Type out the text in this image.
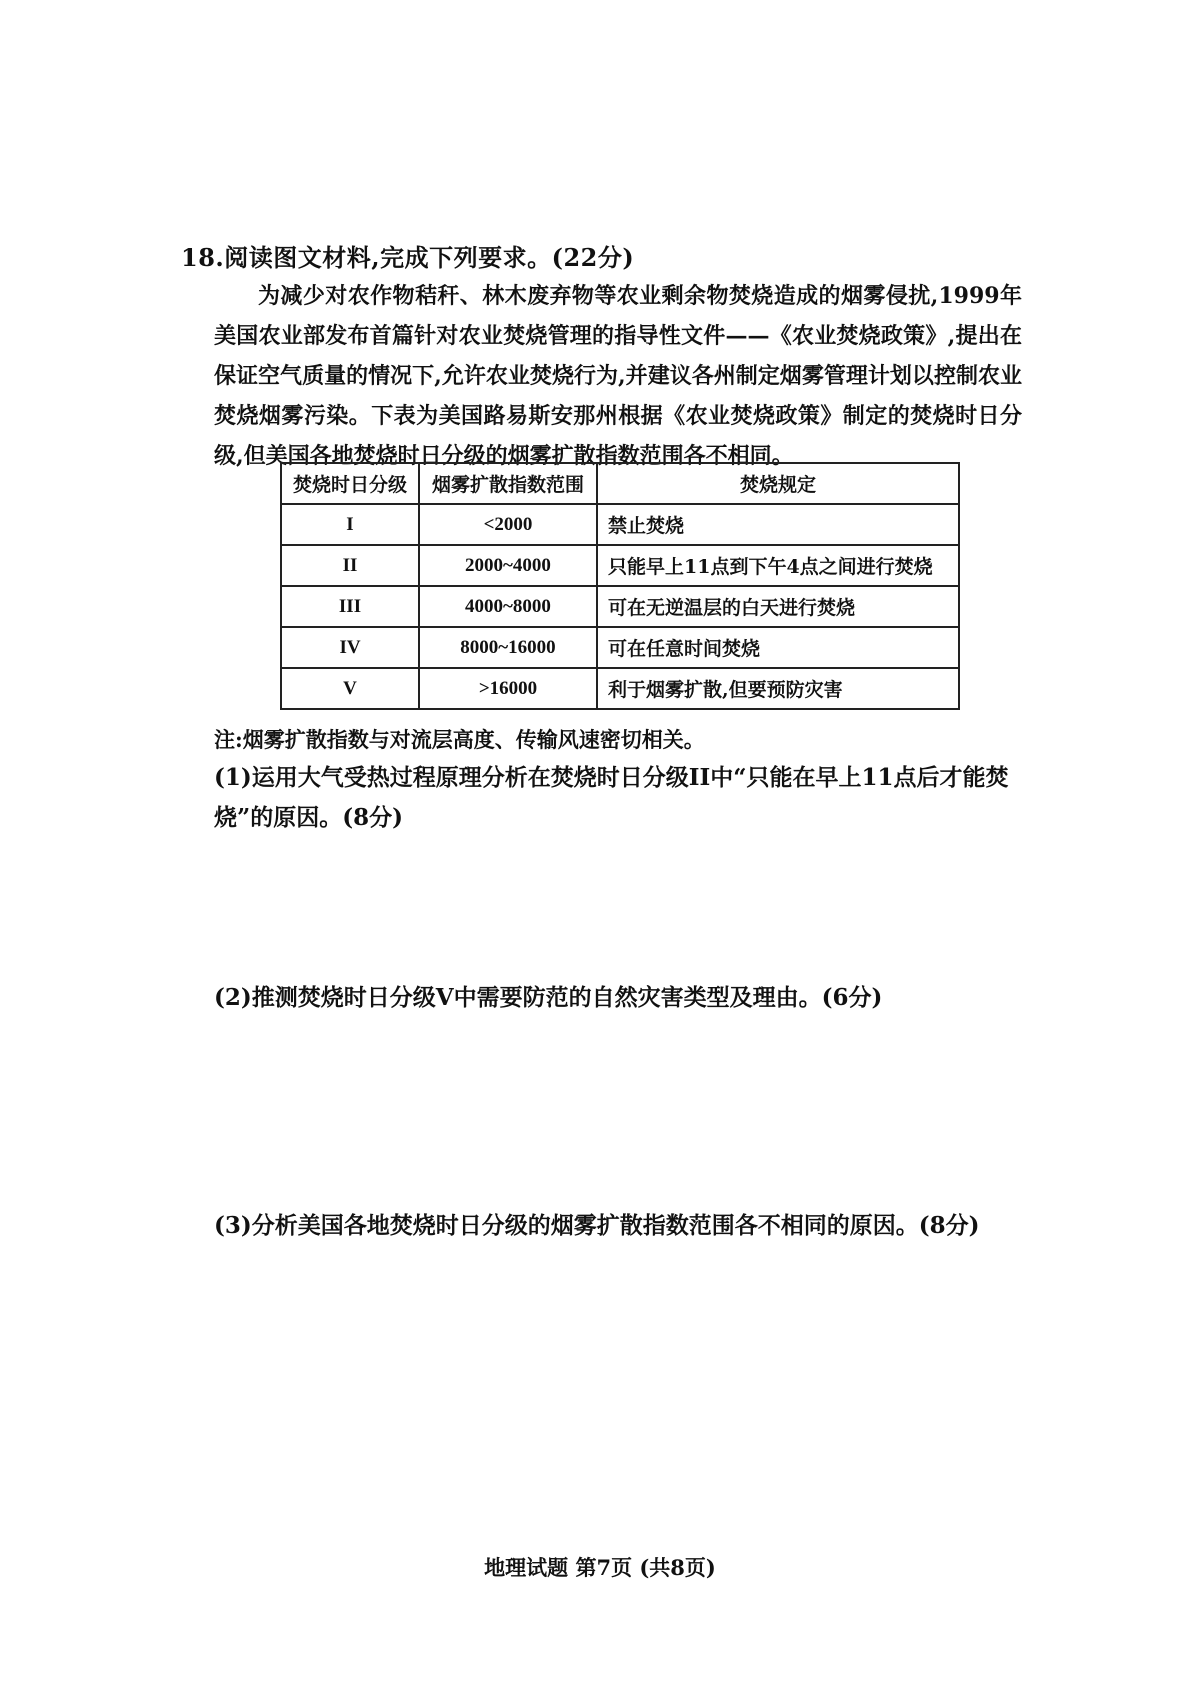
18.阅读图文材料,完成下列要求。(22分)
为减少对农作物秸秆、林木废弃物等农业剩余物焚烧造成的烟雾侵扰,1999年美国农业部发布首篇针对农业焚烧管理的指导性文件——《农业焚烧政策》,提出在保证空气质量的情况下,允许农业焚烧行为,并建议各州制定烟雾管理计划以控制农业焚烧烟雾污染。下表为美国路易斯安那州根据《农业焚烧政策》制定的焚烧时日分级,但美国各地焚烧时日分级的烟雾扩散指数范围各不相同。
焚烧时日分级	烟雾扩散指数范围	焚烧规定
I	<2000	禁止焚烧
II	2000~4000	只能早上11点到下午4点之间进行焚烧
III	4000~8000	可在无逆温层的白天进行焚烧
IV	8000~16000	可在任意时间焚烧
V	>16000	利于烟雾扩散,但要预防灾害
注:烟雾扩散指数与对流层高度、传输风速密切相关。
(1)运用大气受热过程原理分析在焚烧时日分级II中“只能在早上11点后才能焚烧”的原因。(8分)
(2)推测焚烧时日分级V中需要防范的自然灾害类型及理由。(6分)
(3)分析美国各地焚烧时日分级的烟雾扩散指数范围各不相同的原因。(8分)
地理试题 第7页 (共8页)
